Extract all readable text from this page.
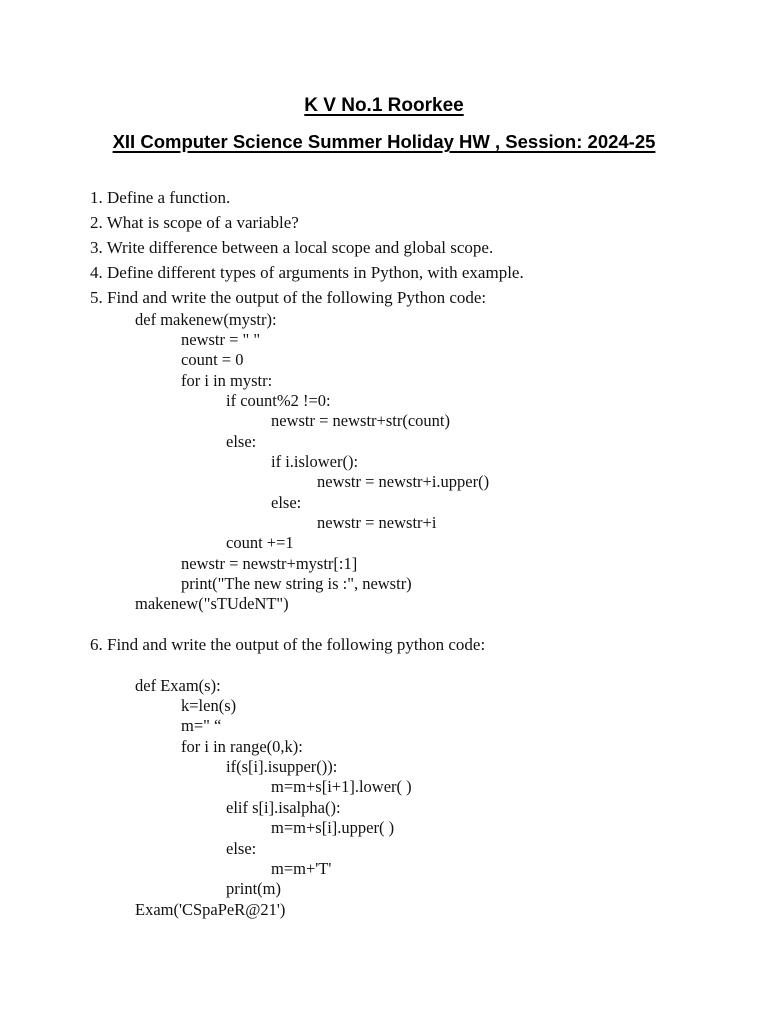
K V No.1 Roorkee
XII Computer Science Summer Holiday HW , Session: 2024-25

1. Define a function.

2. What is scope of a variable?

3. Write difference between a local scope and global scope.

4. Define different types of arguments in Python, with example.

5. Find and write the output of the following Python code:

def makenew(mystr):

newstr = " "

count = 0

for i in mystr:

if count%2 !=0:

newstr = newstr+str(count)

else:

if i.islower():

newstr = newstr+i.upper()

else:

newstr = newstr+i

count +=1

newstr = newstr+mystr[:1]

print("The new string is :", newstr)

makenew("sTUdeNT")

6. Find and write the output of the following python code:

def Exam(s):

k=len(s)

m=" “

for i in range(0,k):

if(s[i].isupper()):

m=m+s[i+1].lower( )

elif s[i].isalpha():

m=m+s[i].upper( )

else:

m=m+'T'

print(m)

Exam('CSpaPeR@21')
